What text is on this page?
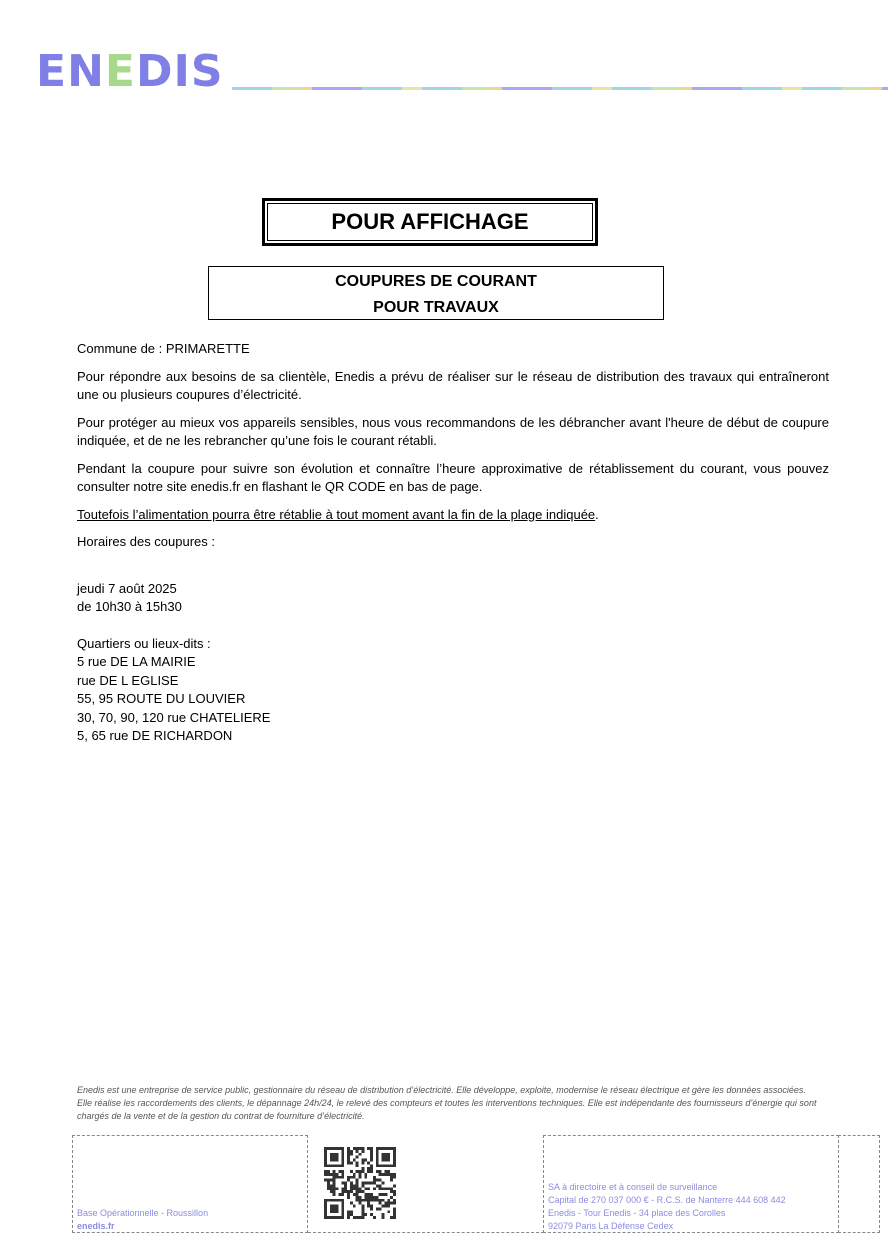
E N E D I S
POUR AFFICHAGE
COUPURES DE COURANT
POUR TRAVAUX

Commune de : PRIMARETTE

Pour répondre aux besoins de sa clientèle, Enedis a prévu de réaliser sur le réseau de distribution des travaux qui entraîneront une ou plusieurs coupures d’électricité.

Pour protéger au mieux vos appareils sensibles, nous vous recommandons de les débrancher avant l'heure de début de coupure indiquée, et de ne les rebrancher qu’une fois le courant rétabli.

Pendant la coupure pour suivre son évolution et connaître l’heure approximative de rétablissement du courant, vous pouvez consulter notre site enedis.fr en flashant le QR CODE en bas de page.

Toutefois l’alimentation pourra être rétablie à tout moment avant la fin de la plage indiquée.

Horaires des coupures :
jeudi 7 août 2025
de 10h30 à 15h30
Quartiers ou lieux-dits :
5 rue DE LA MAIRIE
rue DE L EGLISE
55, 95 ROUTE DU LOUVIER
30, 70, 90, 120 rue CHATELIERE
5, 65 rue DE RICHARDON
Enedis est une entreprise de service public, gestionnaire du réseau de distribution d’électricité. Elle développe, exploite, modernise le réseau électrique et gère les données associées. Elle réalise les raccordements des clients, le dépannage 24h/24, le relevé des compteurs et toutes les interventions techniques. Elle est indépendante des fournisseurs d’énergie qui sont chargés de la vente et de la gestion du contrat de fourniture d’électricité.
Base Opérationnelle - Roussillon
enedis.fr
SA à directoire et à conseil de surveillance
Capital de 270 037 000 € - R.C.S. de Nanterre 444 608 442
Enedis - Tour Enedis - 34 place des Corolles
92079 Paris La Défense Cedex
